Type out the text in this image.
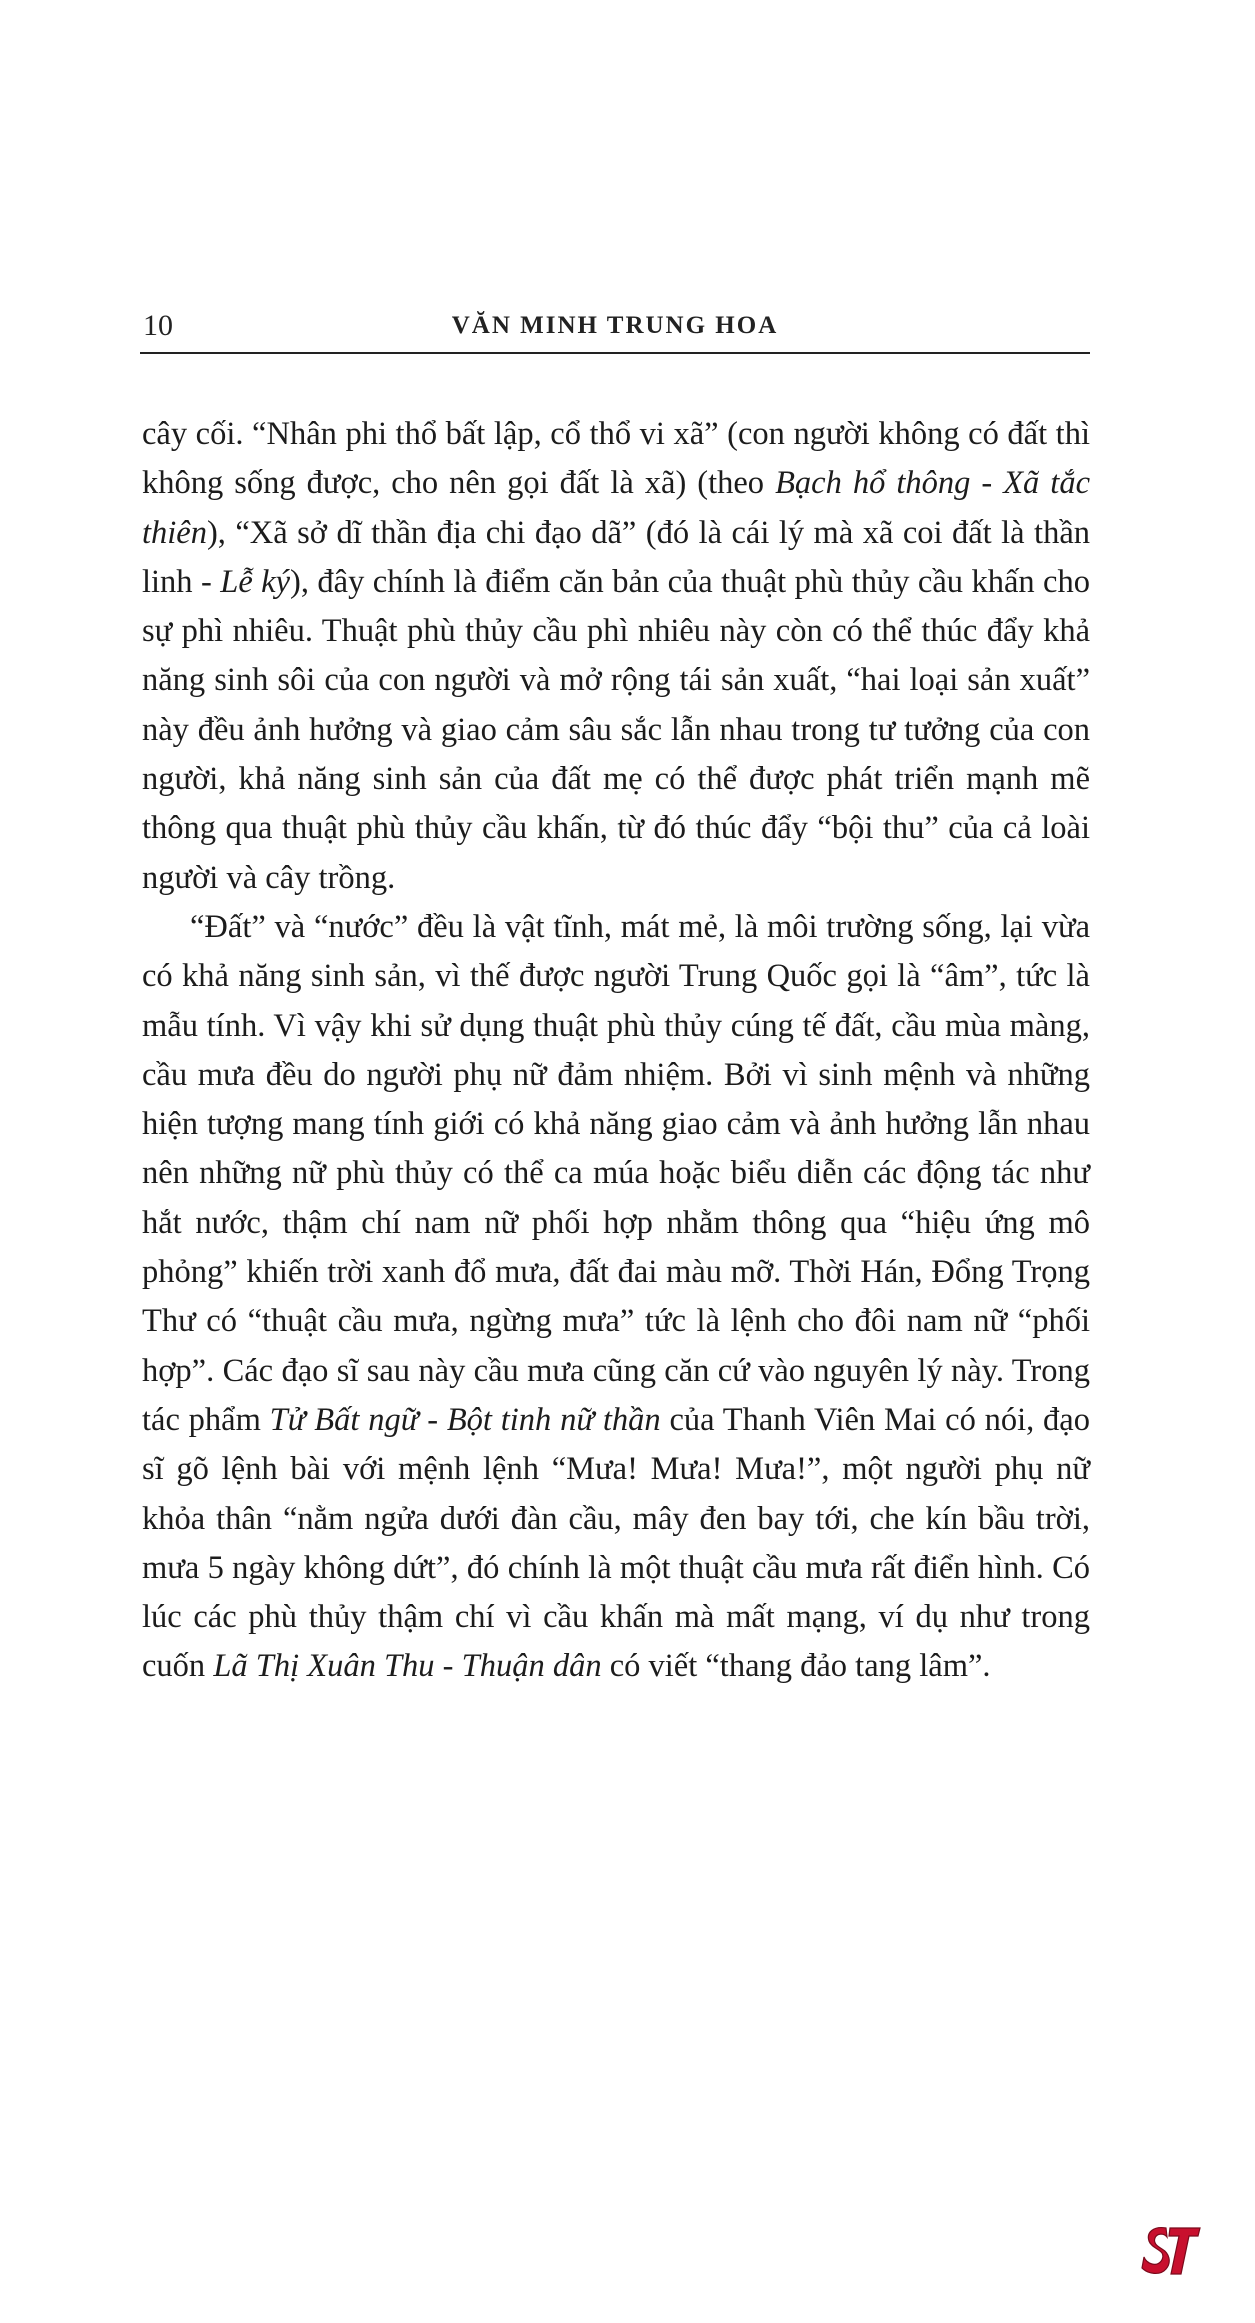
10	VĂN MINH TRUNG HOA

cây cối. “Nhân phi thổ bất lập, cổ thổ vi xã” (con người không có đất thì không sống được, cho nên gọi đất là xã) (theo Bạch hổ thông - Xã tắc thiên), “Xã sở dĩ thần địa chi đạo dã” (đó là cái lý mà xã coi đất là thần linh - Lễ ký), đây chính là điểm căn bản của thuật phù thủy cầu khấn cho sự phì nhiêu. Thuật phù thủy cầu phì nhiêu này còn có thể thúc đẩy khả năng sinh sôi của con người và mở rộng tái sản xuất, “hai loại sản xuất” này đều ảnh hưởng và giao cảm sâu sắc lẫn nhau trong tư tưởng của con người, khả năng sinh sản của đất mẹ có thể được phát triển mạnh mẽ thông qua thuật phù thủy cầu khấn, từ đó thúc đẩy “bội thu” của cả loài người và cây trồng.

“Đất” và “nước” đều là vật tĩnh, mát mẻ, là môi trường sống, lại vừa có khả năng sinh sản, vì thế được người Trung Quốc gọi là “âm”, tức là mẫu tính. Vì vậy khi sử dụng thuật phù thủy cúng tế đất, cầu mùa màng, cầu mưa đều do người phụ nữ đảm nhiệm. Bởi vì sinh mệnh và những hiện tượng mang tính giới có khả năng giao cảm và ảnh hưởng lẫn nhau nên những nữ phù thủy có thể ca múa hoặc biểu diễn các động tác như hắt nước, thậm chí nam nữ phối hợp nhằm thông qua “hiệu ứng mô phỏng” khiến trời xanh đổ mưa, đất đai màu mỡ. Thời Hán, Đổng Trọng Thư có “thuật cầu mưa, ngừng mưa” tức là lệnh cho đôi nam nữ “phối hợp”. Các đạo sĩ sau này cầu mưa cũng căn cứ vào nguyên lý này. Trong tác phẩm Tử Bất ngữ - Bột tinh nữ thần của Thanh Viên Mai có nói, đạo sĩ gõ lệnh bài với mệnh lệnh “Mưa! Mưa! Mưa!”, một người phụ nữ khỏa thân “nằm ngửa dưới đàn cầu, mây đen bay tới, che kín bầu trời, mưa 5 ngày không dứt”, đó chính là một thuật cầu mưa rất điển hình. Có lúc các phù thủy thậm chí vì cầu khấn mà mất mạng, ví dụ như trong cuốn Lã Thị Xuân Thu - Thuận dân có viết “thang đảo tang lâm”.
